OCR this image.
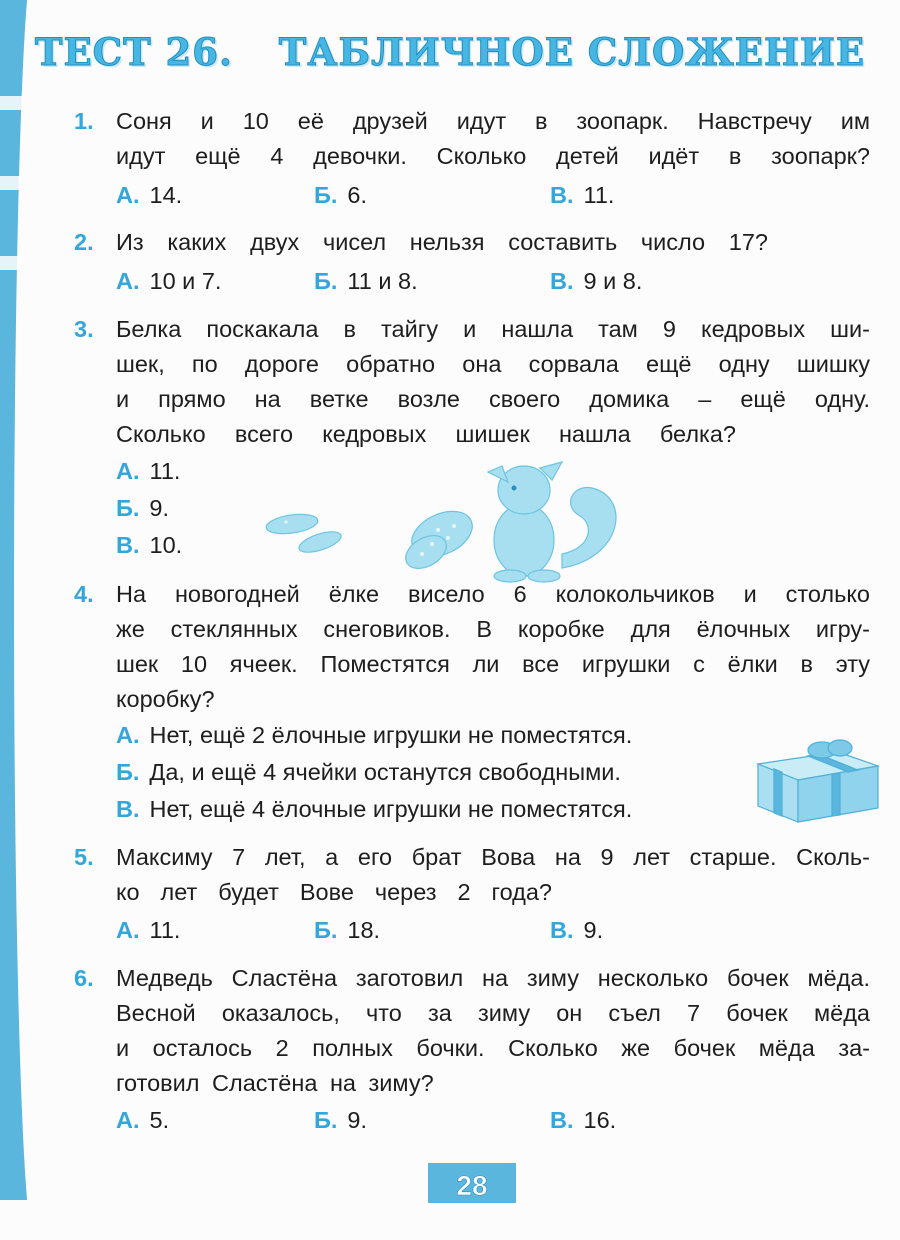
ТЕСТ 26. ТАБЛИЧНОЕ СЛОЖЕНИЕ
1. Соня и 10 её друзей идут в зоопарк. Навстречу им
идут ещё 4 девочки. Сколько детей идёт в зоопарк?
А. 14.	Б. 6.	В. 11.
2. Из каких двух чисел нельзя составить число 17?
А. 10 и 7.	Б. 11 и 8.	В. 9 и 8.
3. Белка поскакала в тайгу и нашла там 9 кедровых ши-
шек, по дороге обратно она сорвала ещё одну шишку
и прямо на ветке возле своего домика – ещё одну.
Сколько всего кедровых шишек нашла белка?
А. 11.
Б. 9.
В. 10.
4. На новогодней ёлке висело 6 колокольчиков и столько
же стеклянных снеговиков. В коробке для ёлочных игру-
шек 10 ячеек. Поместятся ли все игрушки с ёлки в эту
коробку?
А. Нет, ещё 2 ёлочные игрушки не поместятся.
Б. Да, и ещё 4 ячейки останутся свободными.
В. Нет, ещё 4 ёлочные игрушки не поместятся.
5. Максиму 7 лет, а его брат Вова на 9 лет старше. Сколь-
ко лет будет Вове через 2 года?
А. 11.	Б. 18.	В. 9.
6. Медведь Сластёна заготовил на зиму несколько бочек мёда.
Весной оказалось, что за зиму он съел 7 бочек мёда
и осталось 2 полных бочки. Сколько же бочек мёда за-
готовил Сластёна на зиму?
А. 5.	Б. 9.	В. 16.
28
